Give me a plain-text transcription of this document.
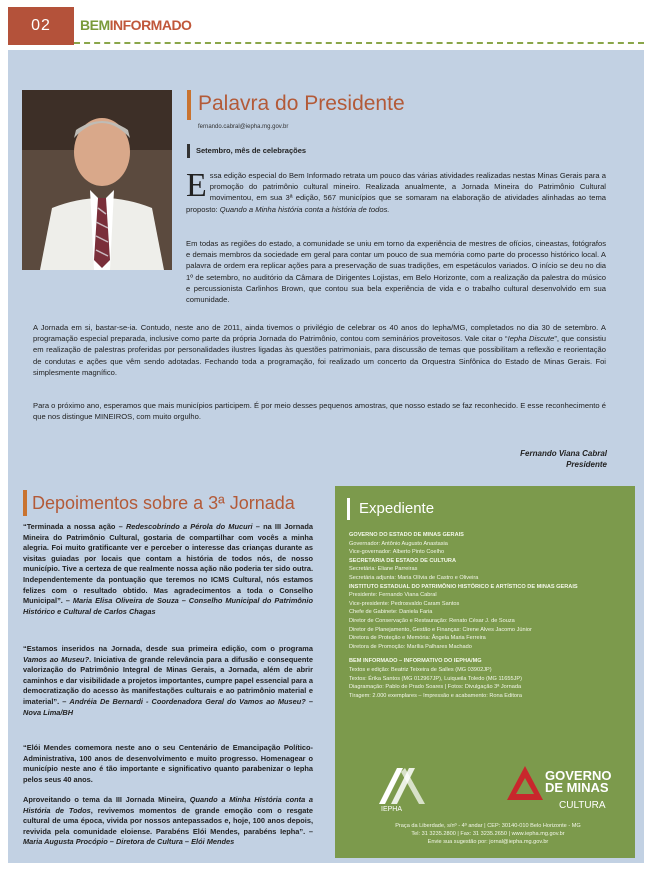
02	BEMINFORMADO
Palavra do Presidente
fernando.cabral@iepha.mg.gov.br
Setembro, mês de celebrações
Essa edição especial do Bem Informado retrata um pouco das várias atividades realizadas nestas Minas Gerais para a promoção do patrimônio cultural mineiro. Realizada anualmente, a Jornada Mineira do Patrimônio Cultural movimentou, em sua 3ª edição, 567 municípios que se somaram na elaboração de atividades alinhadas ao tema proposto: Quando a Minha história conta a história de todos.
Em todas as regiões do estado, a comunidade se uniu em torno da experiência de mestres de ofícios, cineastas, fotógrafos e demais membros da sociedade em geral para contar um pouco de sua memória como parte do processo histórico local. A palavra de ordem era replicar ações para a preservação de suas tradições, em espetáculos variados. O início se deu no dia 1º de setembro, no auditório da Câmara de Dirigentes Lojistas, em Belo Horizonte, com a realização da palestra do músico e percussionista Carlinhos Brown, que contou sua bela experiência de vida e o trabalho cultural desenvolvido em sua comunidade.
A Jornada em si, bastar-se-ia. Contudo, neste ano de 2011, ainda tivemos o privilégio de celebrar os 40 anos do Iepha/MG, completados no dia 30 de setembro. A programação especial preparada, inclusive como parte da própria Jornada do Patrimônio, contou com seminários proveitosos. Vale citar o “Iepha Discute”, que consistiu em realização de palestras proferidas por personalidades ilustres ligadas às questões patrimoniais, para discussão de temas que possibilitam a reflexão e reorientação de condutas e ações que vêm sendo adotadas. Fechando toda a programação, foi realizado um concerto da Orquestra Sinfônica do Estado de Minas Gerais. Foi simplesmente magnífico.
Para o próximo ano, esperamos que mais municípios participem. É por meio desses pequenos amostras, que nosso estado se faz reconhecido. E esse reconhecimento é que nos distingue MINEIROS, com muito orgulho.
Fernando Viana Cabral
Presidente
Depoimentos sobre a 3ª Jornada
“Terminada a nossa ação – Redescobrindo a Pérola do Mucuri – na III Jornada Mineira do Patrimônio Cultural, gostaria de compartilhar com vocês a minha alegria. Foi muito gratificante ver e perceber o interesse das crianças durante as visitas guiadas por locais que contam a história de todos nós, de nosso município. Tive a certeza de que realmente nossa ação não poderia ter sido outra. Independentemente da pontuação que teremos no ICMS Cultural, nós estamos felizes com o resultado obtido. Mas agradecimentos a toda o Conselho Municipal”. – Maria Elisa Oliveira de Souza – Conselho Municipal do Patrimônio Histórico e Cultural de Carlos Chagas
“Estamos inseridos na Jornada, desde sua primeira edição, com o programa Vamos ao Museu?. Iniciativa de grande relevância para a difusão e consequente valorização do Patrimônio Integral de Minas Gerais, a Jornada, além de abrir caminhos e dar visibilidade a projetos importantes, cumpre papel essencial para a democratização do acesso às manifestações culturais e ao patrimônio material e imaterial”. – Andréia De Bernardi - Coordenadora Geral do Vamos ao Museu? – Nova Lima/BH
“Elói Mendes comemora neste ano o seu Centenário de Emancipação Político-Administrativa, 100 anos de desenvolvimento e muito progresso. Homenagear o município neste ano é tão importante e significativo quanto parabenizar o Iepha pelos seus 40 anos.
Aproveitando o tema da III Jornada Mineira, Quando a Minha História conta a História de Todos, revivemos momentos de grande emoção com o resgate cultural de uma época, vivida por nossos antepassados e, hoje, 100 anos depois, revivida pela comunidade eloiense. Parabéns Elói Mendes, parabéns Iepha”. – Maria Augusta Procópio – Diretora de Cultura – Elói Mendes
Expediente
GOVERNO DO ESTADO DE MINAS GERAIS
Governador: Antônio Augusto Anastasia
Vice-governador: Alberto Pinto Coelho
SECRETARIA DE ESTADO DE CULTURA
Secretária: Eliane Parreiras
Secretária adjunta: Maria Olívia de Castro e Oliveira
INSTITUTO ESTADUAL DO PATRIMÔNIO HISTÓRICO E ARTÍSTICO DE MINAS GERAIS
Presidente: Fernando Viana Cabral
Vice-presidente: Pedrosvaldo Caram Santos
Chefe de Gabinete: Daniela Faria
Diretor de Conservação e Restauração: Renato César J. de Souza
Diretor de Planejamento, Gestão e Finanças: Cirene Alves Jacomo Júnior
Diretora de Proteção e Memória: Ângela Maria Ferreira
Diretora de Promoção: Marília Palhares Machado
BEM INFORMADO – INFORMATIVO DO IEPHA/MG
Textos e edição: Beatriz Teixeira de Salles (MG 03902JP)
Textos: Érika Santos (MG 012967JP), Luiqueila Toledo (MG 11655JP)
Diagramação: Pablo de Prado Soares | Fotos: Divulgação 3ª Jornada
Tiragem: 2.000 exemplares – Impressão e acabamento: Rona Editora
IEPHA
GOVERNO
DE MINAS
CULTURA
Praça da Liberdade, s/nº - 4º andar | CEP: 30140-010 Belo Horizonte - MG
Tel: 31 3235.2800 | Fax: 31 3235.2650 | www.iepha.mg.gov.br
Envie sua sugestão por: jornal@iepha.mg.gov.br
